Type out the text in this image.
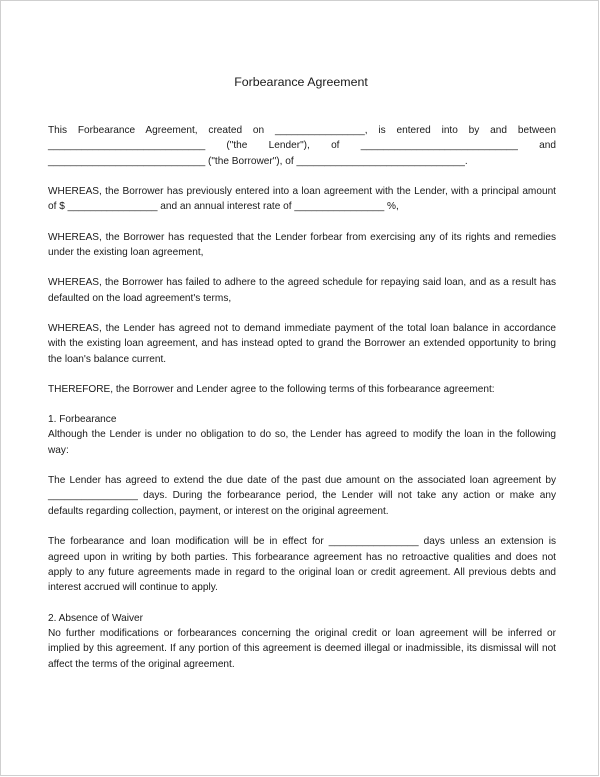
Forbearance Agreement
This Forbearance Agreement, created on ________________, is entered into by and between
____________________________ ("the Lender"), of ____________________________ and
____________________________ ("the Borrower"), of ______________________________.
WHEREAS, the Borrower has previously entered into a loan agreement with the Lender, with a principal amount of $ ________________ and an annual interest rate of ________________ %,
WHEREAS, the Borrower has requested that the Lender forbear from exercising any of its rights and remedies under the existing loan agreement,
WHEREAS, the Borrower has failed to adhere to the agreed schedule for repaying said loan, and as a result has defaulted on the load agreement's terms,
WHEREAS, the Lender has agreed not to demand immediate payment of the total loan balance in accordance with the existing loan agreement, and has instead opted to grand the Borrower an extended opportunity to bring the loan's balance current.
THEREFORE, the Borrower and Lender agree to the following terms of this forbearance agreement:
1. Forbearance
Although the Lender is under no obligation to do so, the Lender has agreed to modify the loan in the following way:
The Lender has agreed to extend the due date of the past due amount on the associated loan agreement by ________________ days. During the forbearance period, the Lender will not take any action or make any defaults regarding collection, payment, or interest on the original agreement.
The forbearance and loan modification will be in effect for ________________ days unless an extension is agreed upon in writing by both parties. This forbearance agreement has no retroactive qualities and does not apply to any future agreements made in regard to the original loan or credit agreement. All previous debts and interest accrued will continue to apply.
2. Absence of Waiver
No further modifications or forbearances concerning the original credit or loan agreement will be inferred or implied by this agreement. If any portion of this agreement is deemed illegal or inadmissible, its dismissal will not affect the terms of the original agreement.
